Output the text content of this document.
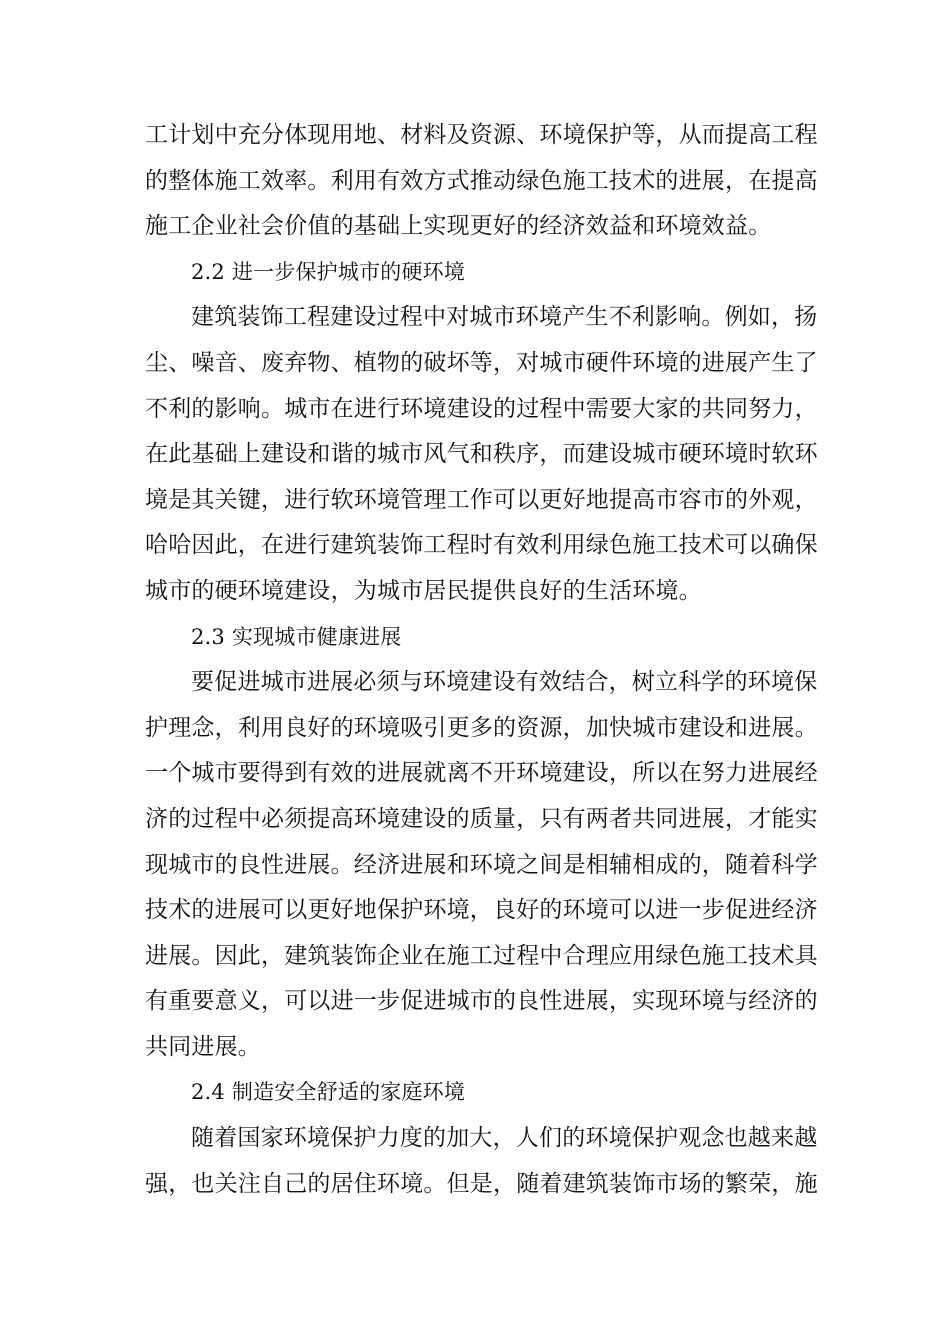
工计划中充分体现用地、材料及资源、环境保护等，从而提高工程
的整体施工效率。利用有效方式推动绿色施工技术的进展，在提高
施工企业社会价值的基础上实现更好的经济效益和环境效益。
2.2 进一步保护城市的硬环境
建筑装饰工程建设过程中对城市环境产生不利影响。例如，扬
尘、噪音、废弃物、植物的破坏等，对城市硬件环境的进展产生了
不利的影响。城市在进行环境建设的过程中需要大家的共同努力，
在此基础上建设和谐的城市风气和秩序，而建设城市硬环境时软环
境是其关键，进行软环境管理工作可以更好地提高市容市的外观，
哈哈因此，在进行建筑装饰工程时有效利用绿色施工技术可以确保
城市的硬环境建设，为城市居民提供良好的生活环境。
2.3 实现城市健康进展
要促进城市进展必须与环境建设有效结合，树立科学的环境保
护理念，利用良好的环境吸引更多的资源，加快城市建设和进展。
一个城市要得到有效的进展就离不开环境建设，所以在努力进展经
济的过程中必须提高环境建设的质量，只有两者共同进展，才能实
现城市的良性进展。经济进展和环境之间是相辅相成的，随着科学
技术的进展可以更好地保护环境，良好的环境可以进一步促进经济
进展。因此，建筑装饰企业在施工过程中合理应用绿色施工技术具
有重要意义，可以进一步促进城市的良性进展，实现环境与经济的
共同进展。
2.4 制造安全舒适的家庭环境
随着国家环境保护力度的加大，人们的环境保护观念也越来越
强，也关注自己的居住环境。但是，随着建筑装饰市场的繁荣，施
